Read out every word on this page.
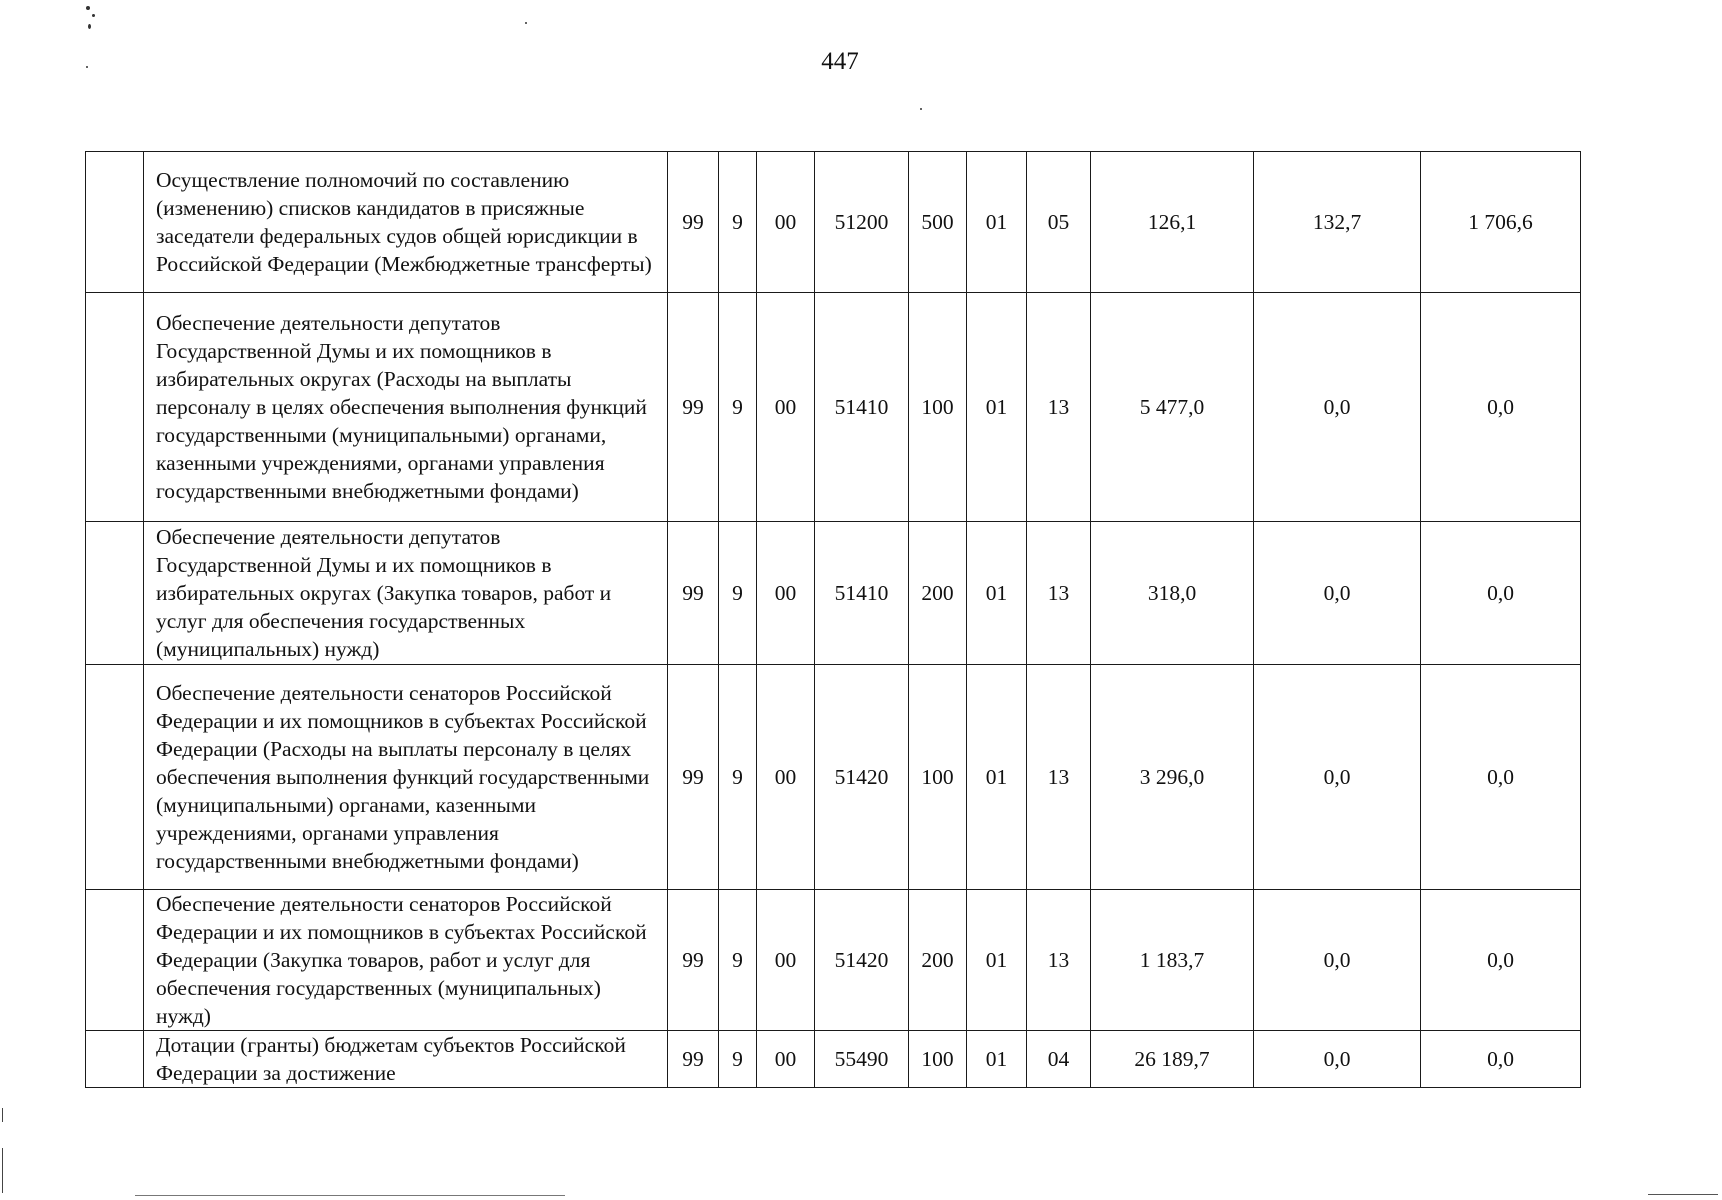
447
	Осуществление полномочий по составлению (изменению) списков кандидатов в присяжные заседатели федеральных судов общей юрисдикции в Российской Федерации (Межбюджетные трансферты)	99	9	00	51200	500	01	05	126,1	132,7	1 706,6
	Обеспечение деятельности депутатов Государственной Думы и их помощников в избирательных округах (Расходы на выплаты персоналу в целях обеспечения выполнения функций государственными (муниципальными) органами, казенными учреждениями, органами управления государственными внебюджетными фондами)	99	9	00	51410	100	01	13	5 477,0	0,0	0,0
	Обеспечение деятельности депутатов Государственной Думы и их помощников в избирательных округах (Закупка товаров, работ и услуг для обеспечения государственных (муниципальных) нужд)	99	9	00	51410	200	01	13	318,0	0,0	0,0
	Обеспечение деятельности сенаторов Российской Федерации и их помощников в субъектах Российской Федерации (Расходы на выплаты персоналу в целях обеспечения выполнения функций государственными (муниципальными) органами, казенными учреждениями, органами управления государственными внебюджетными фондами)	99	9	00	51420	100	01	13	3 296,0	0,0	0,0
	Обеспечение деятельности сенаторов Российской Федерации и их помощников в субъектах Российской Федерации (Закупка товаров, работ и услуг для обеспечения государственных (муниципальных) нужд)	99	9	00	51420	200	01	13	1 183,7	0,0	0,0
	Дотации (гранты) бюджетам субъектов Российской Федерации за достижение	99	9	00	55490	100	01	04	26 189,7	0,0	0,0
